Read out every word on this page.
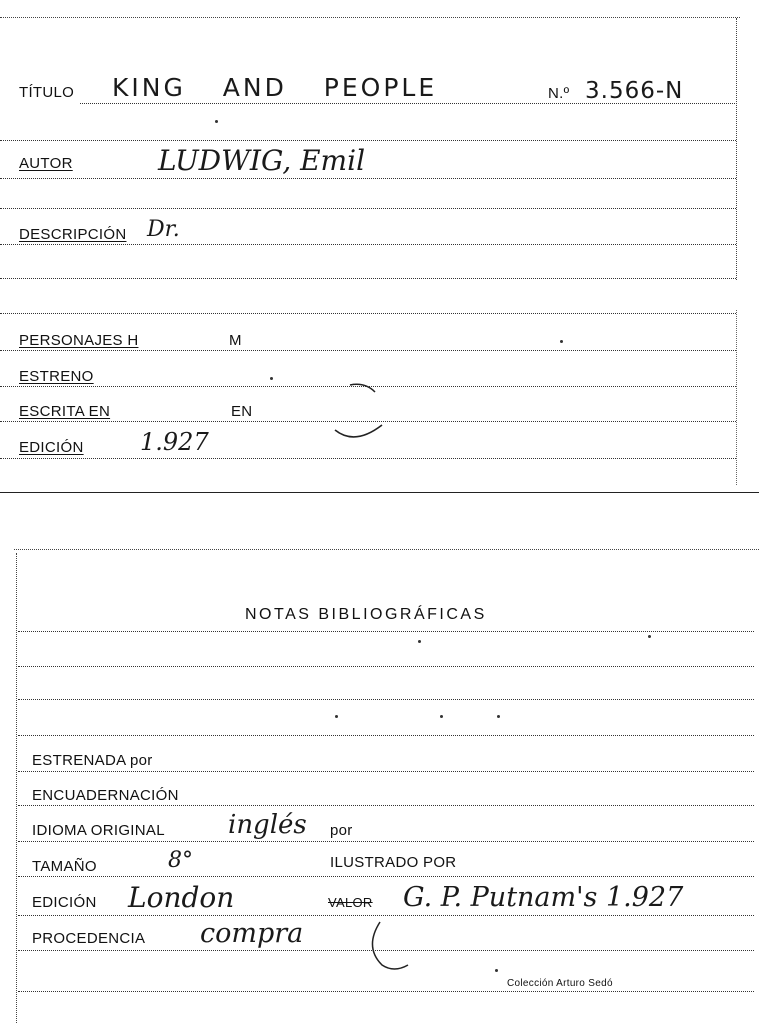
TÍTULO KING AND PEOPLE	N.º 3.566-N
AUTOR	LUDWIG, Emil
DESCRIPCIÓN Dr.
PERSONAJES H	M
ESTRENO
ESCRITA EN	EN
EDICIÓN 1.927
NOTAS BIBLIOGRÁFICAS
ESTRENADA por
ENCUADERNACIÓN
IDIOMA ORIGINAL inglés por
TAMAÑO	8°	ILUSTRADO POR
EDICIÓN London	VALOR G. P. Putnam's 1.927
PROCEDENCIA compra
Colección Arturo Sedó
